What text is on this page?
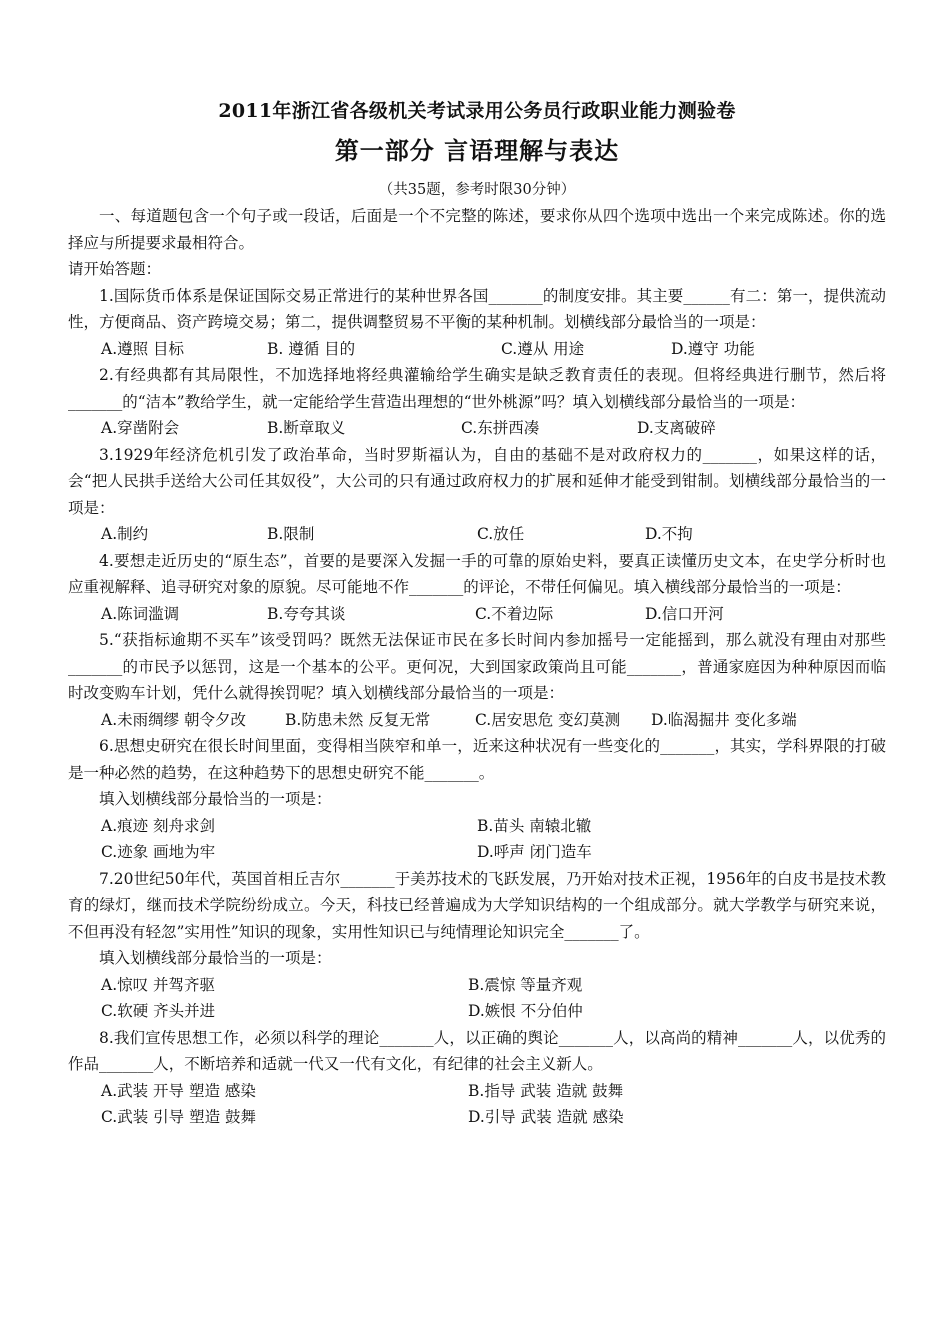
2011年浙江省各级机关考试录用公务员行政职业能力测验卷
第一部分 言语理解与表达
（共35题，参考时限30分钟）

一、每道题包含一个句子或一段话，后面是一个不完整的陈述，要求你从四个选项中选出一个来完成陈述。你的选择应与所提要求最相符合。

请开始答题：

1.国际货币体系是保证国际交易正常进行的某种世界各国_______的制度安排。其主要______有二：第一，提供流动性，方便商品、资产跨境交易；第二，提供调整贸易不平衡的某种机制。划横线部分最恰当的一项是：

A.遵照 目标	B. 遵循 目的	C.遵从 用途	D.遵守 功能

2.有经典都有其局限性，不加选择地将经典灌输给学生确实是缺乏教育责任的表现。但将经典进行删节，然后将_______的“洁本”教给学生，就一定能给学生营造出理想的“世外桃源”吗？填入划横线部分最恰当的一项是：

A.穿凿附会	B.断章取义	C.东拼西凑	D.支离破碎

3.1929年经济危机引发了政治革命，当时罗斯福认为，自由的基础不是对政府权力的_______，如果这样的话，会“把人民拱手送给大公司任其奴役”，大公司的只有通过政府权力的扩展和延伸才能受到钳制。划横线部分最恰当的一项是：

A.制约	B.限制	C.放任	D.不拘

4.要想走近历史的“原生态”，首要的是要深入发掘一手的可靠的原始史料，要真正读懂历史文本，在史学分析时也应重视解释、追寻研究对象的原貌。尽可能地不作_______的评论，不带任何偏见。填入横线部分最恰当的一项是：

A.陈词滥调	B.夸夸其谈	C.不着边际	D.信口开河

5.“获指标逾期不买车”该受罚吗？既然无法保证市民在多长时间内参加摇号一定能摇到，那么就没有理由对那些_______的市民予以惩罚，这是一个基本的公平。更何况，大到国家政策尚且可能_______，普通家庭因为种种原因而临时改变购车计划，凭什么就得挨罚呢？填入划横线部分最恰当的一项是：

A.未雨绸缪 朝令夕改	B.防患未然 反复无常	C.居安思危 变幻莫测	D.临渴掘井 变化多端

6.思想史研究在很长时间里面，变得相当陕窄和单一，近来这种状况有一些变化的_______，其实，学科界限的打破是一种必然的趋势，在这种趋势下的思想史研究不能_______。

填入划横线部分最恰当的一项是：

A.痕迹 刻舟求剑	B.苗头 南辕北辙
C.迹象 画地为牢	D.呼声 闭门造车

7.20世纪50年代，英国首相丘吉尔_______于美苏技术的飞跃发展，乃开始对技术正视，1956年的白皮书是技术教育的绿灯，继而技术学院纷纷成立。今天，科技已经普遍成为大学知识结构的一个组成部分。就大学教学与研究来说，不但再没有轻忽”实用性”知识的现象，实用性知识已与纯情理论知识完全_______了。

填入划横线部分最恰当的一项是：

A.惊叹 并驾齐驱	B.震惊 等量齐观
C.软硬 齐头并进	D.嫉恨 不分伯仲

8.我们宣传思想工作，必须以科学的理论_______人，以正确的舆论_______人，以高尚的精神_______人，以优秀的作品_______人，不断培养和适就一代又一代有文化，有纪律的社会主义新人。

A.武装 开导 塑造 感染	B.指导 武装 造就 鼓舞
C.武装 引导 塑造 鼓舞	D.引导 武装 造就 感染
